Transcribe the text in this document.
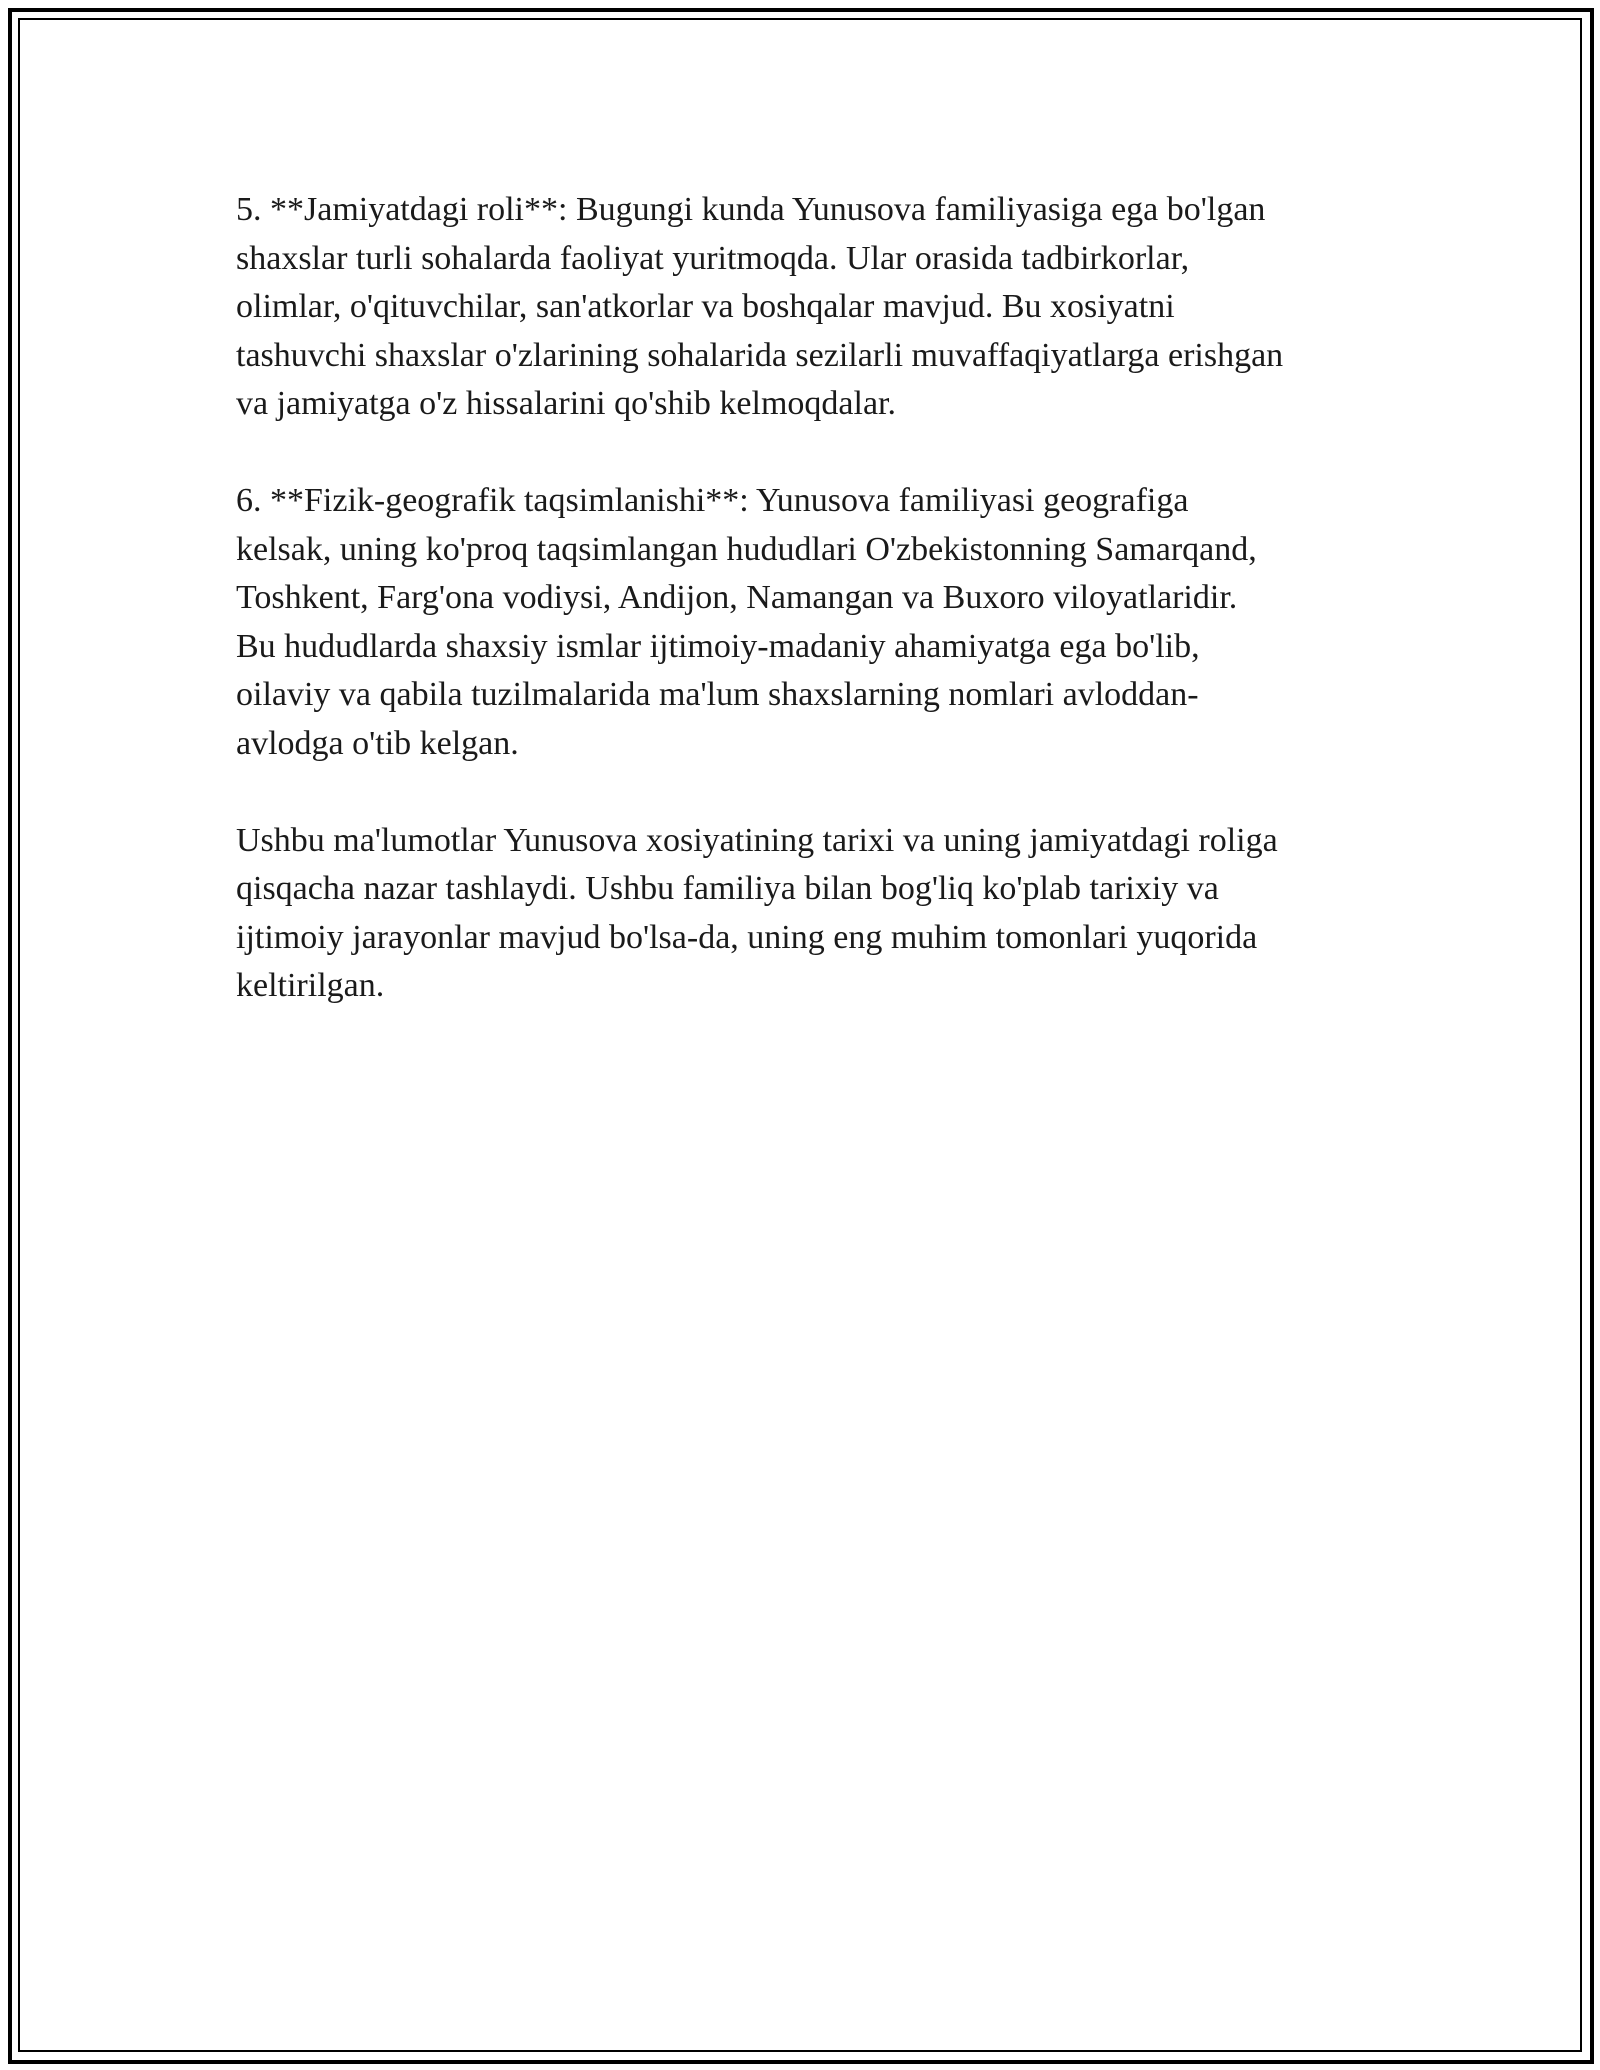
5. **Jamiyatdagi roli**: Bugungi kunda Yunusova familiyasiga ega bo'lgan
shaxslar turli sohalarda faoliyat yuritmoqda. Ular orasida tadbirkorlar,
olimlar, o'qituvchilar, san'atkorlar va boshqalar mavjud. Bu xosiyatni
tashuvchi shaxslar o'zlarining sohalarida sezilarli muvaffaqiyatlarga erishgan
va jamiyatga o'z hissalarini qo'shib kelmoqdalar.

6. **Fizik-geografik taqsimlanishi**: Yunusova familiyasi geografiga
kelsak, uning ko'proq taqsimlangan hududlari O'zbekistonning Samarqand,
Toshkent, Farg'ona vodiysi, Andijon, Namangan va Buxoro viloyatlaridir.
Bu hududlarda shaxsiy ismlar ijtimoiy-madaniy ahamiyatga ega bo'lib,
oilaviy va qabila tuzilmalarida ma'lum shaxslarning nomlari avloddan-
avlodga o'tib kelgan.

Ushbu ma'lumotlar Yunusova xosiyatining tarixi va uning jamiyatdagi roliga
qisqacha nazar tashlaydi. Ushbu familiya bilan bog'liq ko'plab tarixiy va
ijtimoiy jarayonlar mavjud bo'lsa-da, uning eng muhim tomonlari yuqorida
keltirilgan.
